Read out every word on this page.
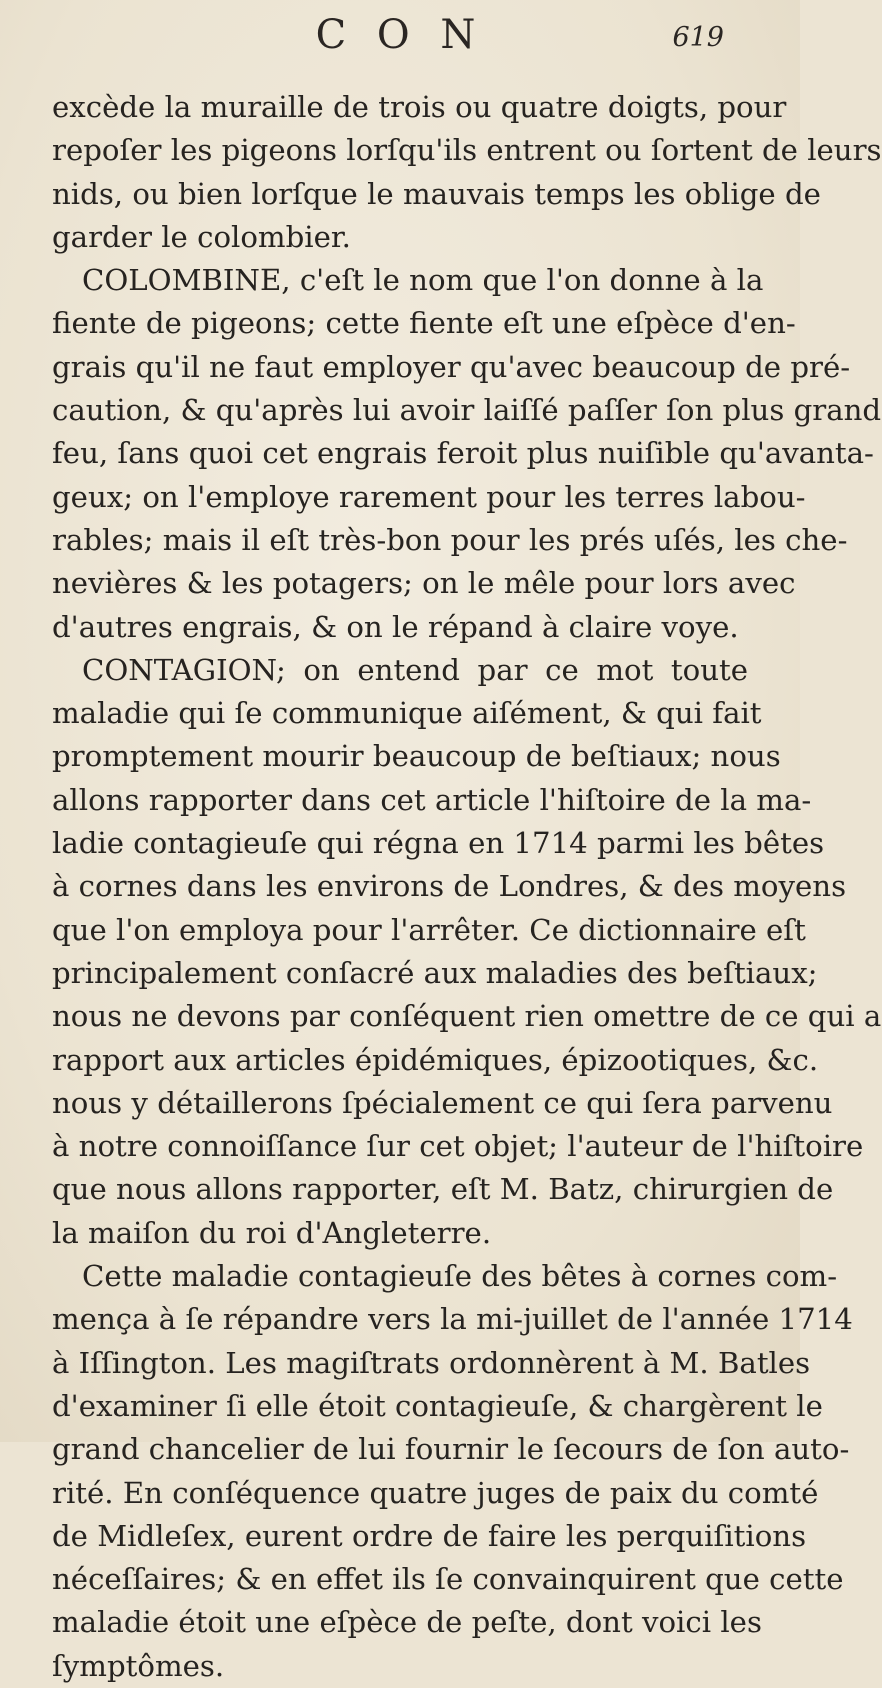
C O N	619
excède la muraille de trois ou quatre doigts, pour
repoſer les pigeons lorſqu'ils entrent ou ſortent de leurs
nids, ou bien lorſque le mauvais temps les oblige de
garder le colombier.
COLOMBINE, c'eſt le nom que l'on donne à la
fiente de pigeons; cette fiente eſt une eſpèce d'en-
grais qu'il ne faut employer qu'avec beaucoup de pré-
caution, & qu'après lui avoir laiſſé paſſer ſon plus grand
feu, ſans quoi cet engrais feroit plus nuiſible qu'avanta-
geux; on l'employe rarement pour les terres labou-
rables; mais il eſt très-bon pour les prés uſés, les che-
nevières & les potagers; on le mêle pour lors avec
d'autres engrais, & on le répand à claire voye.
CONTAGION; on entend par ce mot toute
maladie qui ſe communique aiſément, & qui fait
promptement mourir beaucoup de beſtiaux; nous
allons rapporter dans cet article l'hiſtoire de la ma-
ladie contagieuſe qui régna en 1714 parmi les bêtes
à cornes dans les environs de Londres, & des moyens
que l'on employa pour l'arrêter. Ce dictionnaire eſt
principalement conſacré aux maladies des beſtiaux;
nous ne devons par conſéquent rien omettre de ce qui a
rapport aux articles épidémiques, épizootiques, &c.
nous y détaillerons ſpécialement ce qui ſera parvenu
à notre connoiſſance ſur cet objet; l'auteur de l'hiſtoire
que nous allons rapporter, eſt M. Batz, chirurgien de
la maiſon du roi d'Angleterre.
Cette maladie contagieuſe des bêtes à cornes com-
mença à ſe répandre vers la mi-juillet de l'année 1714
à Iſſington. Les magiſtrats ordonnèrent à M. Batles
d'examiner ſi elle étoit contagieuſe, & chargèrent le
grand chancelier de lui fournir le ſecours de ſon auto-
rité. En conſéquence quatre juges de paix du comté
de Midleſex, eurent ordre de faire les perquiſitions
néceſſaires; & en effet ils ſe convainquirent que cette
maladie étoit une eſpèce de peſte, dont voici les
ſymptômes.
